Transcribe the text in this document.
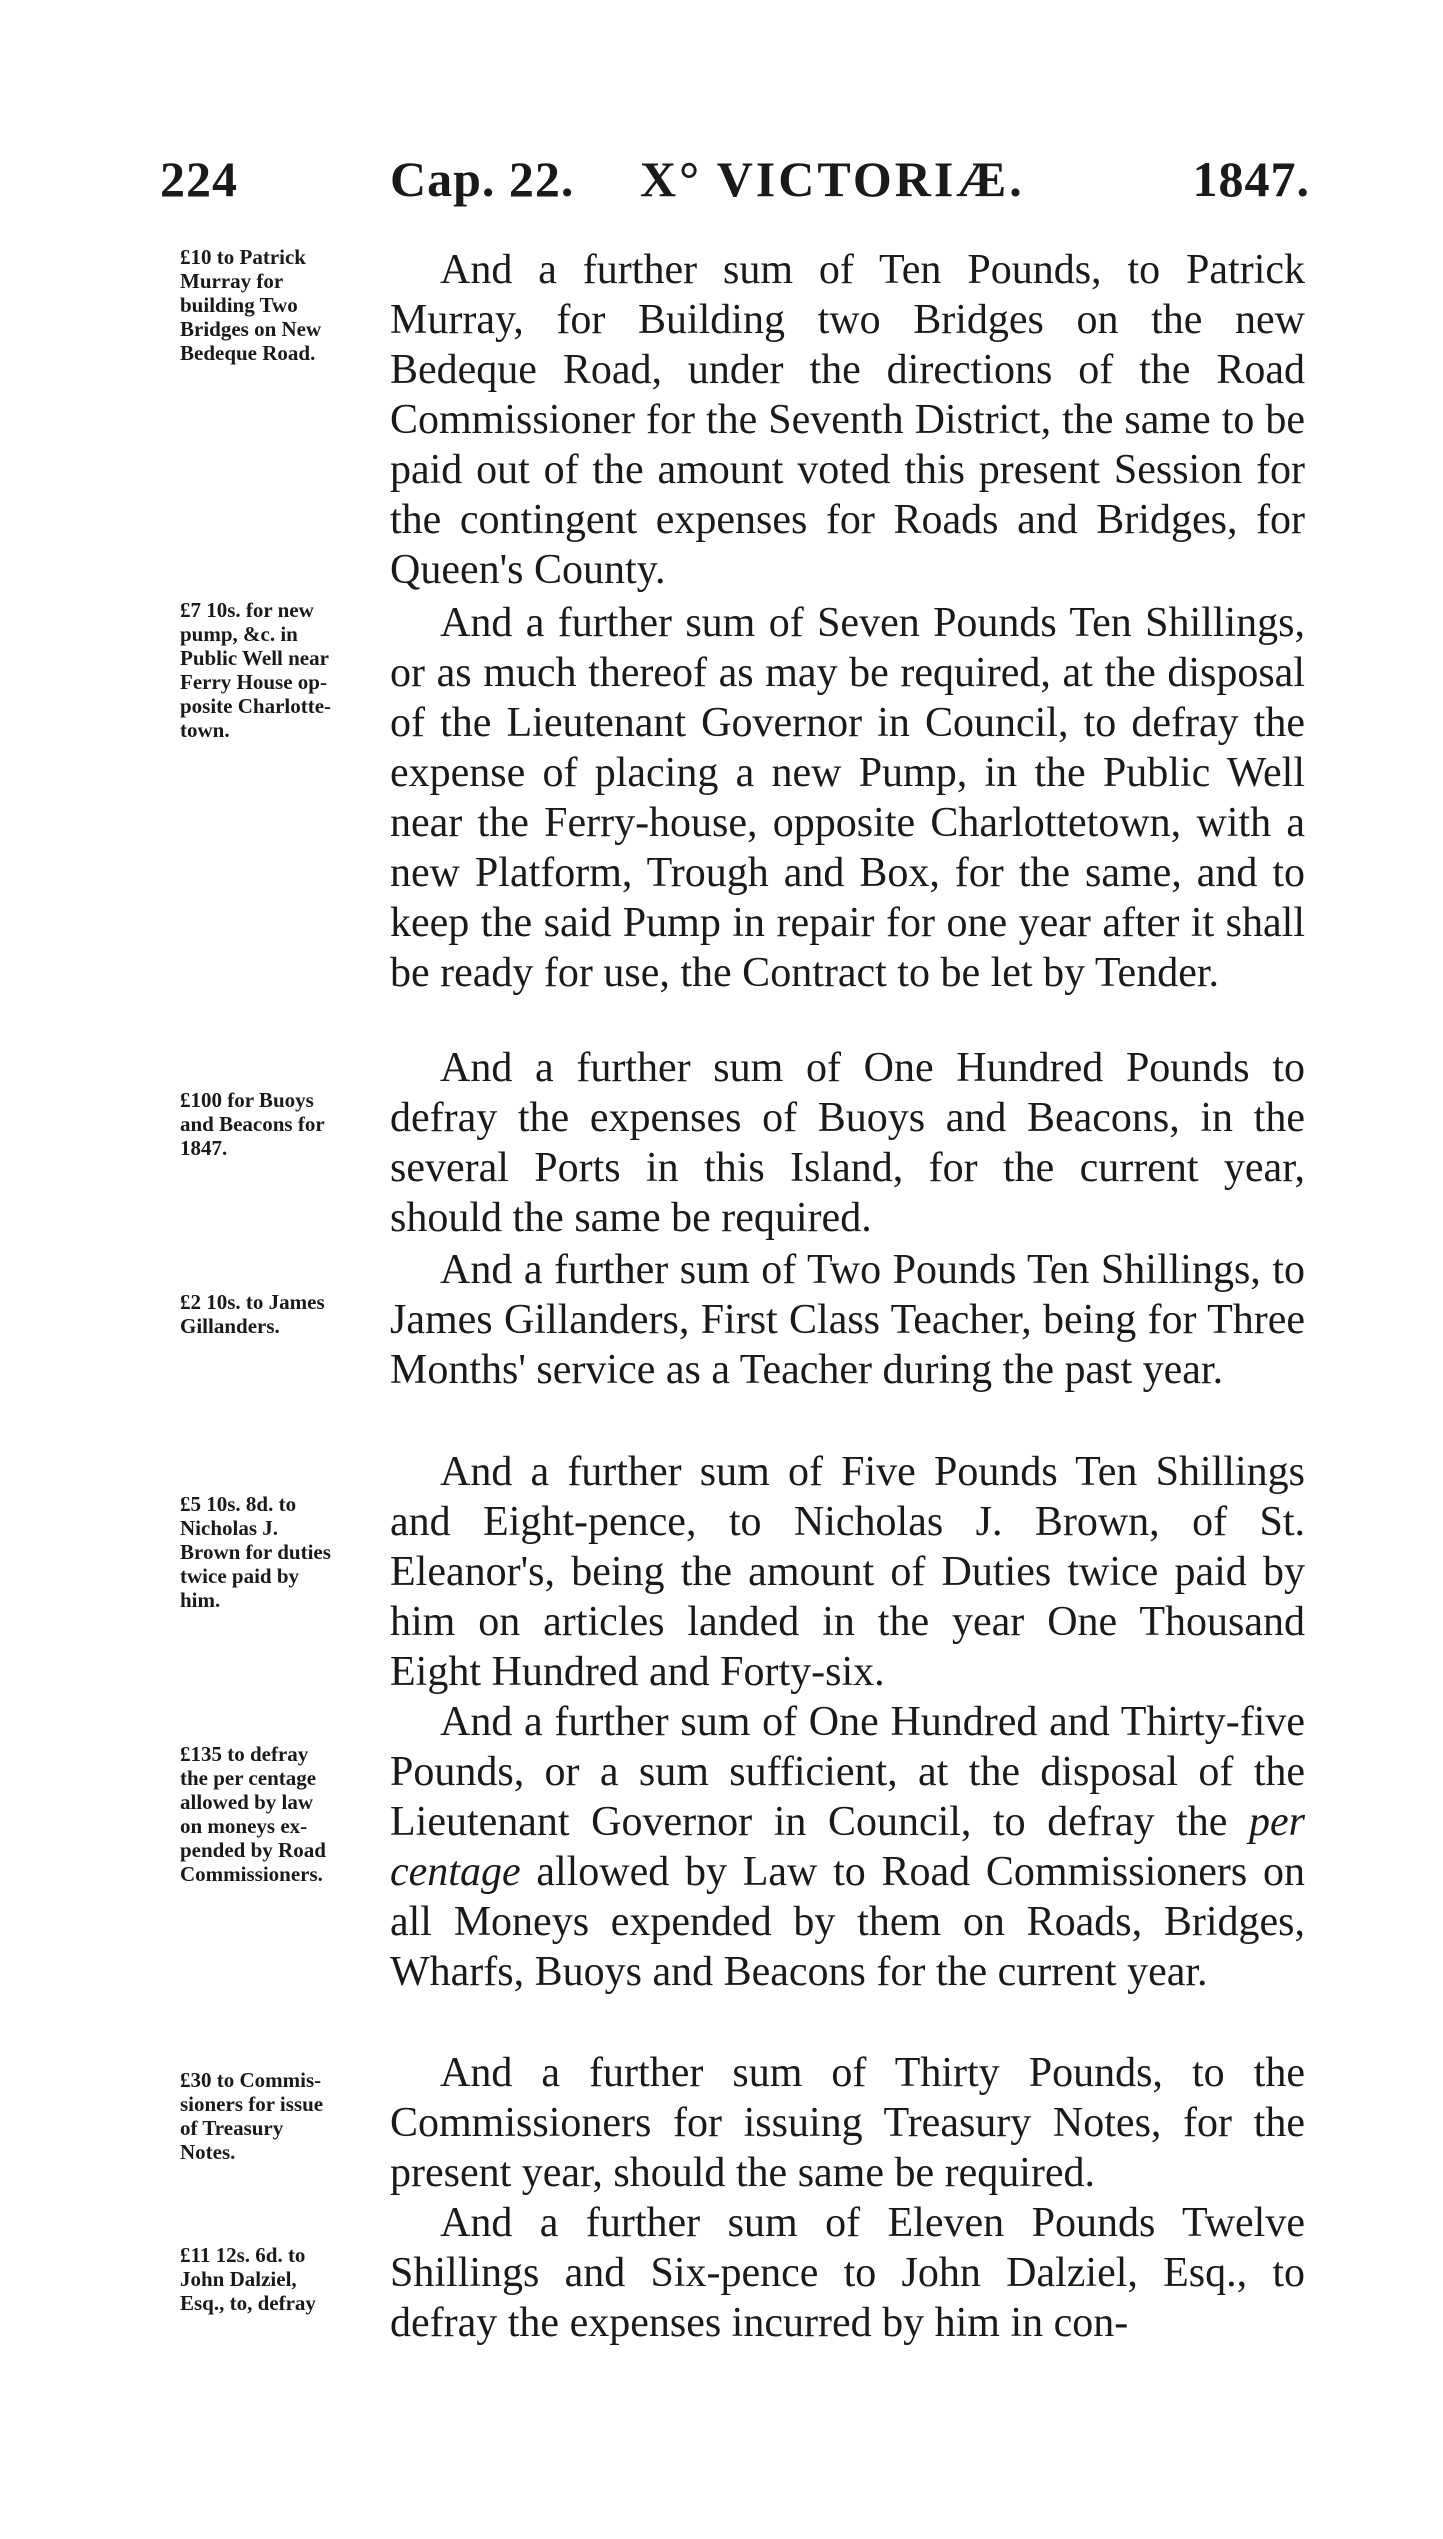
224	Cap. 22. X° VICTORIÆ.	1847.
£10 to Patrick
Murray for
building Two
Bridges on New
Bedeque Road.
And a further sum of Ten Pounds, to Patrick Murray, for Building two Bridges on the new Bedeque Road, under the directions of the Road Commissioner for the Seventh District, the same to be paid out of the amount voted this present Session for the contingent expenses for Roads and Bridges, for Queen's County.
£7 10s. for new
pump, &c. in
Public Well near
Ferry House op-
posite Charlotte-
town.
And a further sum of Seven Pounds Ten Shillings, or as much thereof as may be required, at the disposal of the Lieutenant Governor in Council, to defray the expense of placing a new Pump, in the Public Well near the Ferry-house, opposite Charlottetown, with a new Platform, Trough and Box, for the same, and to keep the said Pump in repair for one year after it shall be ready for use, the Contract to be let by Tender.
£100 for Buoys
and Beacons for
1847.
And a further sum of One Hundred Pounds to defray the expenses of Buoys and Beacons, in the several Ports in this Island, for the current year, should the same be required.
£2 10s. to James
Gillanders.
And a further sum of Two Pounds Ten Shillings, to James Gillanders, First Class Teacher, being for Three Months' service as a Teacher during the past year.
£5 10s. 8d. to
Nicholas J.
Brown for duties
twice paid by
him.
And a further sum of Five Pounds Ten Shillings and Eight-pence, to Nicholas J. Brown, of St. Eleanor's, being the amount of Duties twice paid by him on articles landed in the year One Thousand Eight Hundred and Forty-six.
£135 to defray
the per centage
allowed by law
on moneys ex-
pended by Road
Commissioners.
And a further sum of One Hundred and Thirty-five Pounds, or a sum sufficient, at the disposal of the Lieutenant Governor in Council, to defray the per centage allowed by Law to Road Commissioners on all Moneys expended by them on Roads, Bridges, Wharfs, Buoys and Beacons for the current year.
£30 to Commis-
sioners for issue
of Treasury
Notes.
And a further sum of Thirty Pounds, to the Commissioners for issuing Treasury Notes, for the present year, should the same be required.
£11 12s. 6d. to
John Dalziel,
Esq., to, defray
And a further sum of Eleven Pounds Twelve Shillings and Six-pence to John Dalziel, Esq., to defray the expenses incurred by him in con-
